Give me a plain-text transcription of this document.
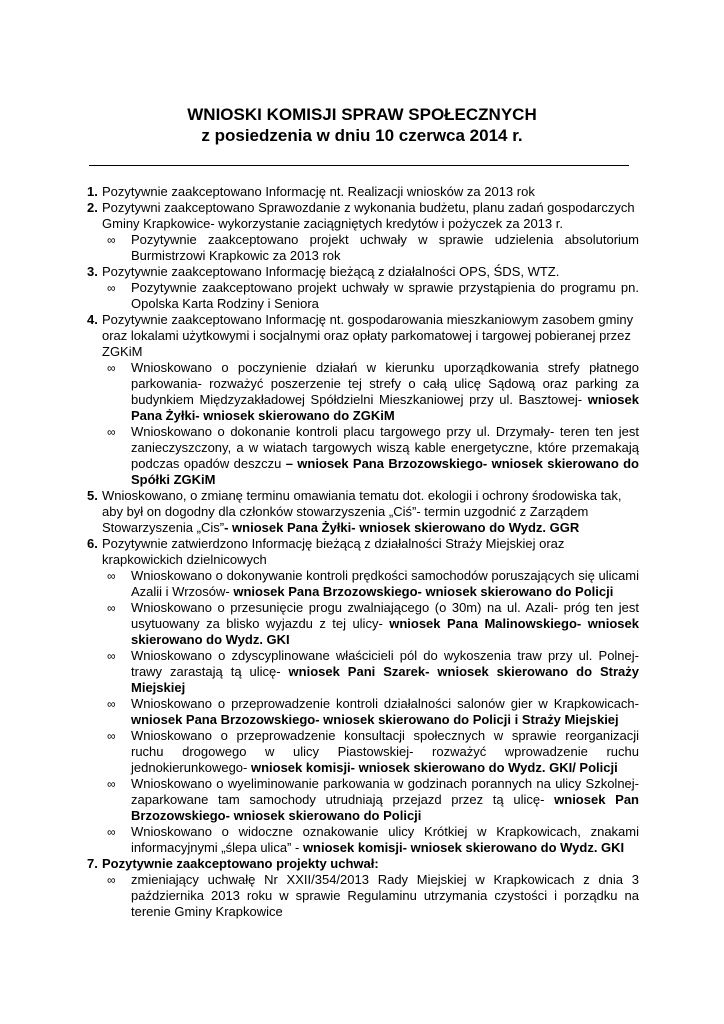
WNIOSKI KOMISJI SPRAW SPOŁECZNYCH
z posiedzenia w dniu 10 czerwca 2014 r.
1. Pozytywnie zaakceptowano Informację nt. Realizacji wniosków za 2013 rok
2. Pozytywni zaakceptowano Sprawozdanie z wykonania budżetu, planu zadań gospodarczych Gminy Krapkowice- wykorzystanie zaciągniętych kredytów i pożyczek za 2013 r.
∞ Pozytywnie zaakceptowano projekt uchwały w sprawie udzielenia absolutorium Burmistrzowi Krapkowic za 2013 rok
3. Pozytywnie zaakceptowano Informację bieżącą z działalności OPS, ŚDS, WTZ.
∞ Pozytywnie zaakceptowano projekt uchwały w sprawie przystąpienia do programu pn. Opolska Karta Rodziny i Seniora
4. Pozytywnie zaakceptowano Informację nt. gospodarowania mieszkaniowym zasobem gminy oraz lokalami użytkowymi i socjalnymi oraz opłaty parkomatowej i targowej pobieranej przez ZGKiM
∞ Wnioskowano o poczynienie działań w kierunku uporządkowania strefy płatnego parkowania- rozważyć poszerzenie tej strefy o całą ulicę Sądową oraz parking za budynkiem Międzyzakładowej Spółdzielni Mieszkaniowej przy ul. Basztowej- wniosek Pana Żyłki- wniosek skierowano do ZGKiM
∞ Wnioskowano o dokonanie kontroli placu targowego przy ul. Drzymały- teren ten jest zanieczyszczony, a w wiatach targowych wiszą kable energetyczne, które przemakają podczas opadów deszczu – wniosek Pana Brzozowskiego- wniosek skierowano do Spółki ZGKiM
5. Wnioskowano, o zmianę terminu omawiania tematu dot. ekologii i ochrony środowiska tak, aby był on dogodny dla członków stowarzyszenia „Ciś”- termin uzgodnić z Zarządem Stowarzyszenia „Cis”- wniosek Pana Żyłki- wniosek skierowano do Wydz. GGR
6. Pozytywnie zatwierdzono Informację bieżącą z działalności Straży Miejskiej oraz krapkowickich dzielnicowych
∞ Wnioskowano o dokonywanie kontroli prędkości samochodów poruszających się ulicami Azalii i Wrzosów- wniosek Pana Brzozowskiego- wniosek skierowano do Policji
∞ Wnioskowano o przesunięcie progu zwalniającego (o 30m) na ul. Azali- próg ten jest usytuowany za blisko wyjazdu z tej ulicy- wniosek Pana Malinowskiego- wniosek skierowano do Wydz. GKI
∞ Wnioskowano o zdyscyplinowane właścicieli pól do wykoszenia traw przy ul. Polnej- trawy zarastają tą ulicę- wniosek Pani Szarek- wniosek skierowano do Straży Miejskiej
∞ Wnioskowano o przeprowadzenie kontroli działalności salonów gier w Krapkowicach- wniosek Pana Brzozowskiego- wniosek skierowano do Policji i Straży Miejskiej
∞ Wnioskowano o przeprowadzenie konsultacji społecznych w sprawie reorganizacji ruchu drogowego w ulicy Piastowskiej- rozważyć wprowadzenie ruchu jednokierunkowego- wniosek komisji- wniosek skierowano do Wydz. GKI/ Policji
∞ Wnioskowano o wyeliminowanie parkowania w godzinach porannych na ulicy Szkolnej- zaparkowane tam samochody utrudniają przejazd przez tą ulicę- wniosek Pan Brzozowskiego- wniosek skierowano do Policji
∞ Wnioskowano o widoczne oznakowanie ulicy Krótkiej w Krapkowicach, znakami informacyjnymi „ślepa ulica” - wniosek komisji- wniosek skierowano do Wydz. GKI
7. Pozytywnie zaakceptowano projekty uchwał:
∞ zmieniający uchwałę Nr XXII/354/2013 Rady Miejskiej w Krapkowicach z dnia 3 października 2013 roku w sprawie Regulaminu utrzymania czystości i porządku na terenie Gminy Krapkowice
